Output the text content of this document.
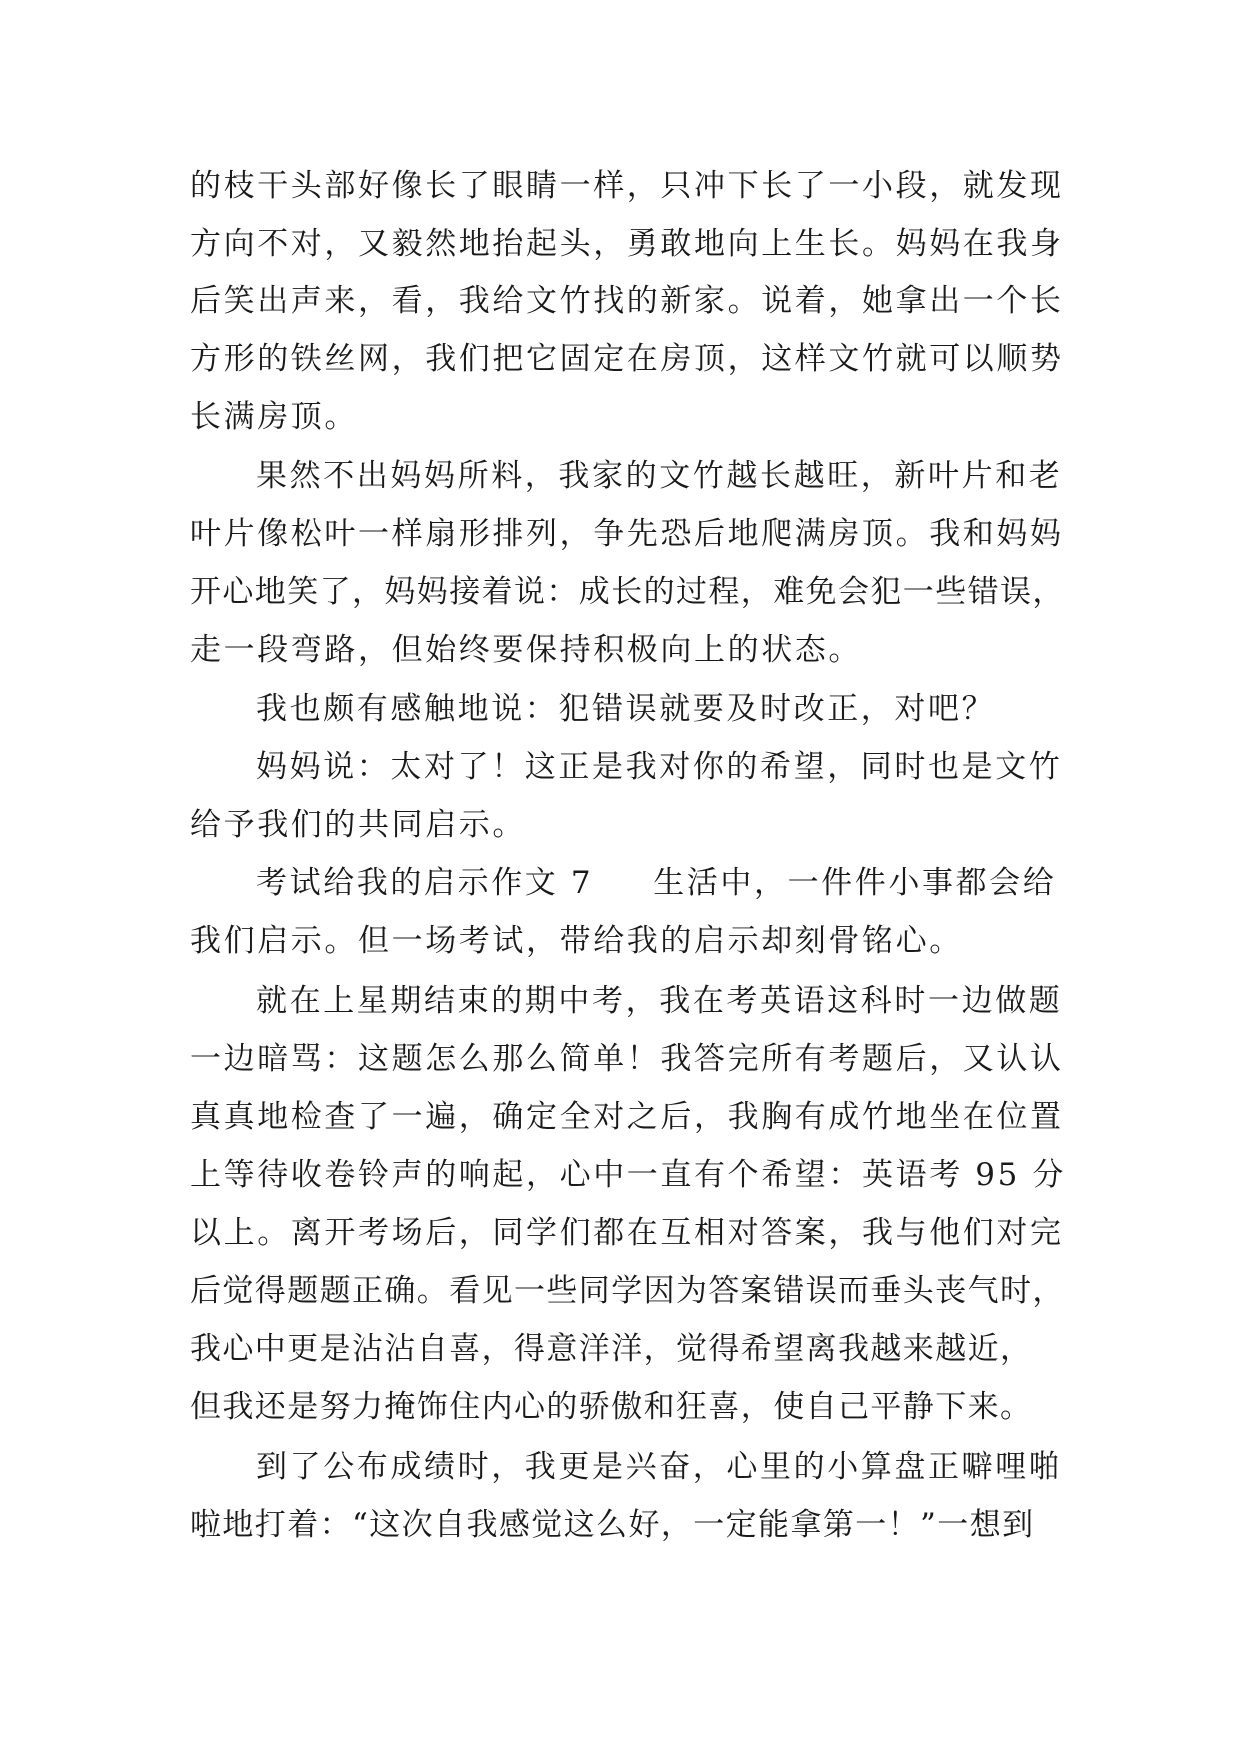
的枝干头部好像长了眼睛一样，只冲下长了一小段，就发现
方向不对，又毅然地抬起头，勇敢地向上生长。妈妈在我身
后笑出声来，看，我给文竹找的新家。说着，她拿出一个长
方形的铁丝网，我们把它固定在房顶，这样文竹就可以顺势
长满房顶。
果然不出妈妈所料，我家的文竹越长越旺，新叶片和老
叶片像松叶一样扇形排列，争先恐后地爬满房顶。我和妈妈
开心地笑了，妈妈接着说：成长的过程，难免会犯一些错误，
走一段弯路，但始终要保持积极向上的状态。
我也颇有感触地说：犯错误就要及时改正，对吧？
妈妈说：太对了！这正是我对你的希望，同时也是文竹
给予我们的共同启示。
考试给我的启示作文 7 生活中，一件件小事都会给
我们启示。但一场考试，带给我的启示却刻骨铭心。
就在上星期结束的期中考，我在考英语这科时一边做题
一边暗骂：这题怎么那么简单！我答完所有考题后，又认认
真真地检查了一遍，确定全对之后，我胸有成竹地坐在位置
上等待收卷铃声的响起，心中一直有个希望：英语考 95 分
以上。离开考场后，同学们都在互相对答案，我与他们对完
后觉得题题正确。看见一些同学因为答案错误而垂头丧气时，
我心中更是沾沾自喜，得意洋洋，觉得希望离我越来越近，
但我还是努力掩饰住内心的骄傲和狂喜，使自己平静下来。
到了公布成绩时，我更是兴奋，心里的小算盘正噼哩啪
啦地打着：“这次自我感觉这么好，一定能拿第一！”一想到
